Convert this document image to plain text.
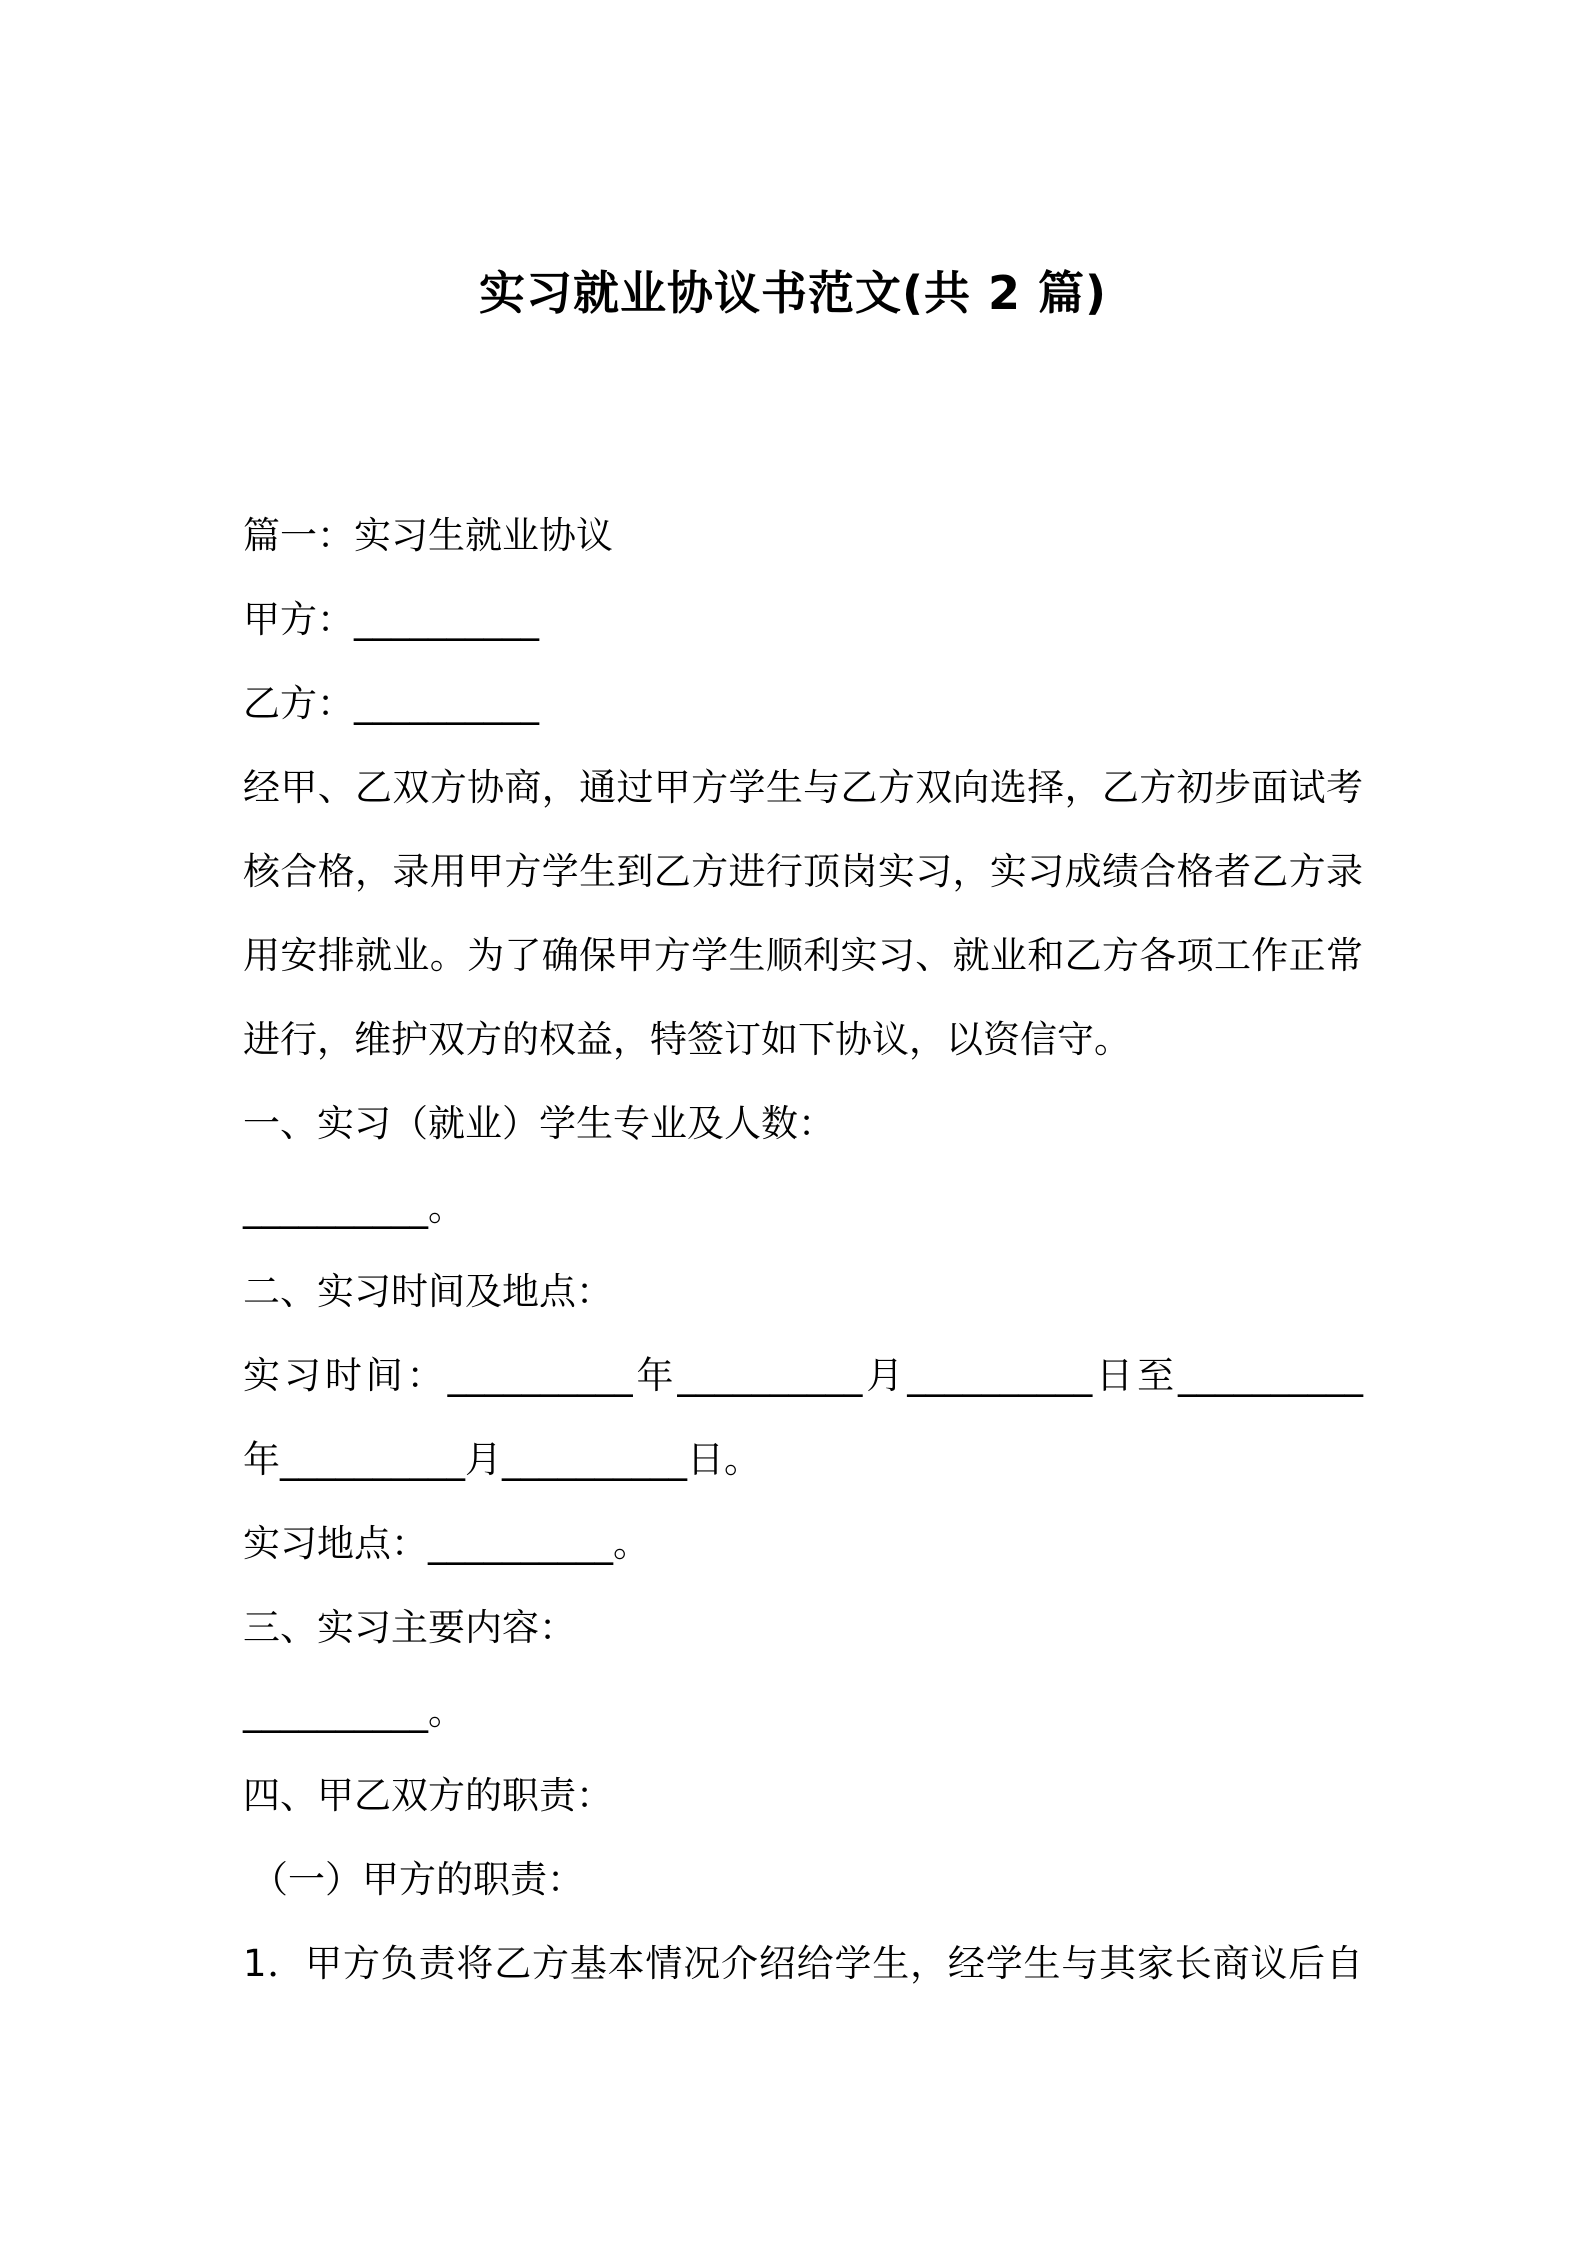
实习就业协议书范文(共 2 篇)
篇一：实习生就业协议
甲方：__________
乙方：__________
经甲、乙双方协商，通过甲方学生与乙方双向选择，乙方初步面试考
核合格，录用甲方学生到乙方进行顶岗实习，实习成绩合格者乙方录
用安排就业。为了确保甲方学生顺利实习、就业和乙方各项工作正常
进行，维护双方的权益，特签订如下协议，以资信守。
一、实习（就业）学生专业及人数：
__________。
二、实习时间及地点：
实习时间：__________年__________月__________日至__________
年__________月__________日。
实习地点：__________。
三、实习主要内容：
__________。
四、甲乙双方的职责：
（一）甲方的职责：
1．甲方负责将乙方基本情况介绍给学生，经学生与其家长商议后自
